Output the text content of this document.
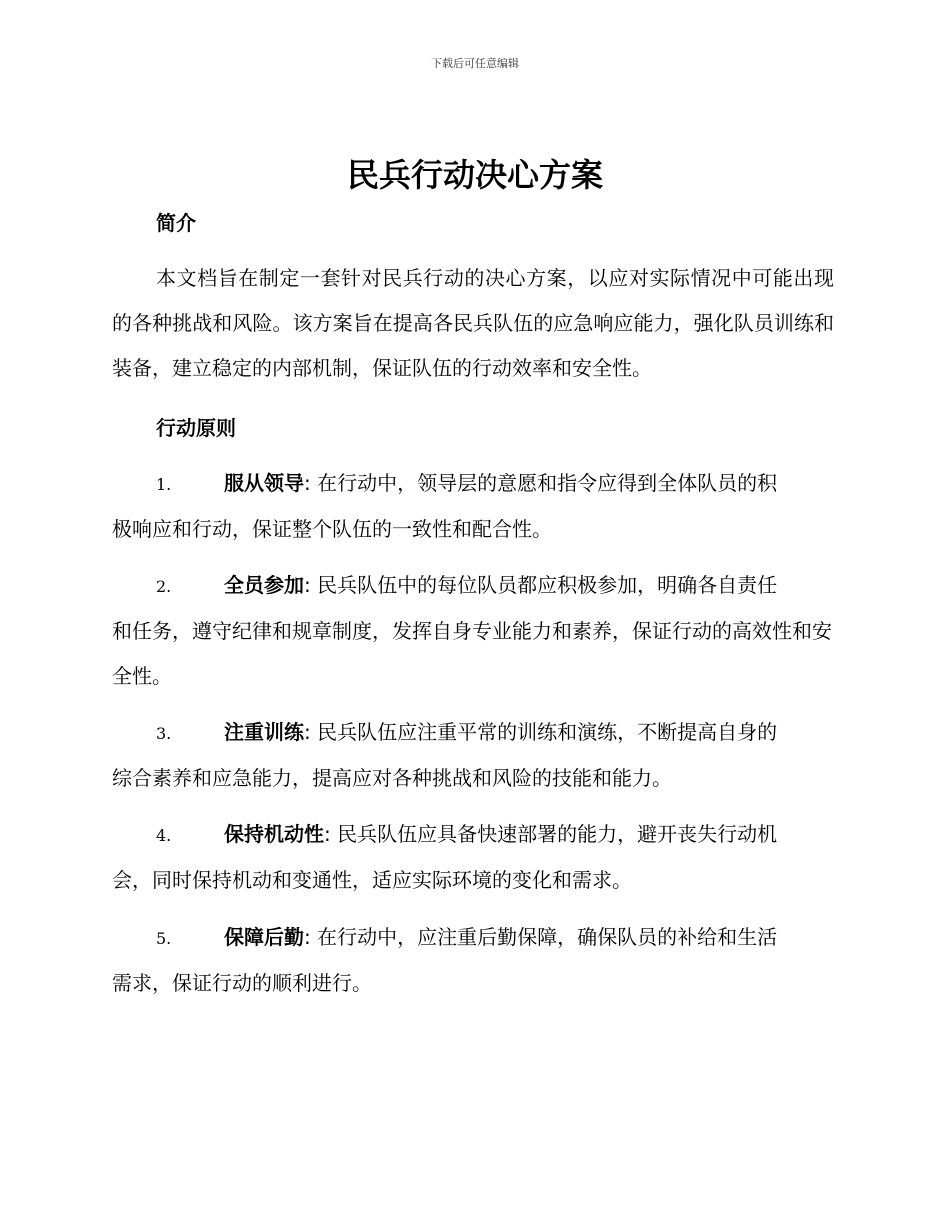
下载后可任意编辑
民兵行动决心方案
简介

本文档旨在制定一套针对民兵行动的决心方案，以应对实际情况中可能出现的各种挑战和风险。该方案旨在提高各民兵队伍的应急响应能力，强化队员训练和装备，建立稳定的内部机制，保证队伍的行动效率和安全性。

行动原则
1.	服从领导: 在行动中，领导层的意愿和指令应得到全体队员的积
极响应和行动，保证整个队伍的一致性和配合性。
2.	全员参加: 民兵队伍中的每位队员都应积极参加，明确各自责任
和任务，遵守纪律和规章制度，发挥自身专业能力和素养，保证行动的高效性和安全性。
3.	注重训练: 民兵队伍应注重平常的训练和演练，不断提高自身的
综合素养和应急能力，提高应对各种挑战和风险的技能和能力。
4.	保持机动性: 民兵队伍应具备快速部署的能力，避开丧失行动机
会，同时保持机动和变通性，适应实际环境的变化和需求。
5.	保障后勤: 在行动中，应注重后勤保障，确保队员的补给和生活
需求，保证行动的顺利进行。
